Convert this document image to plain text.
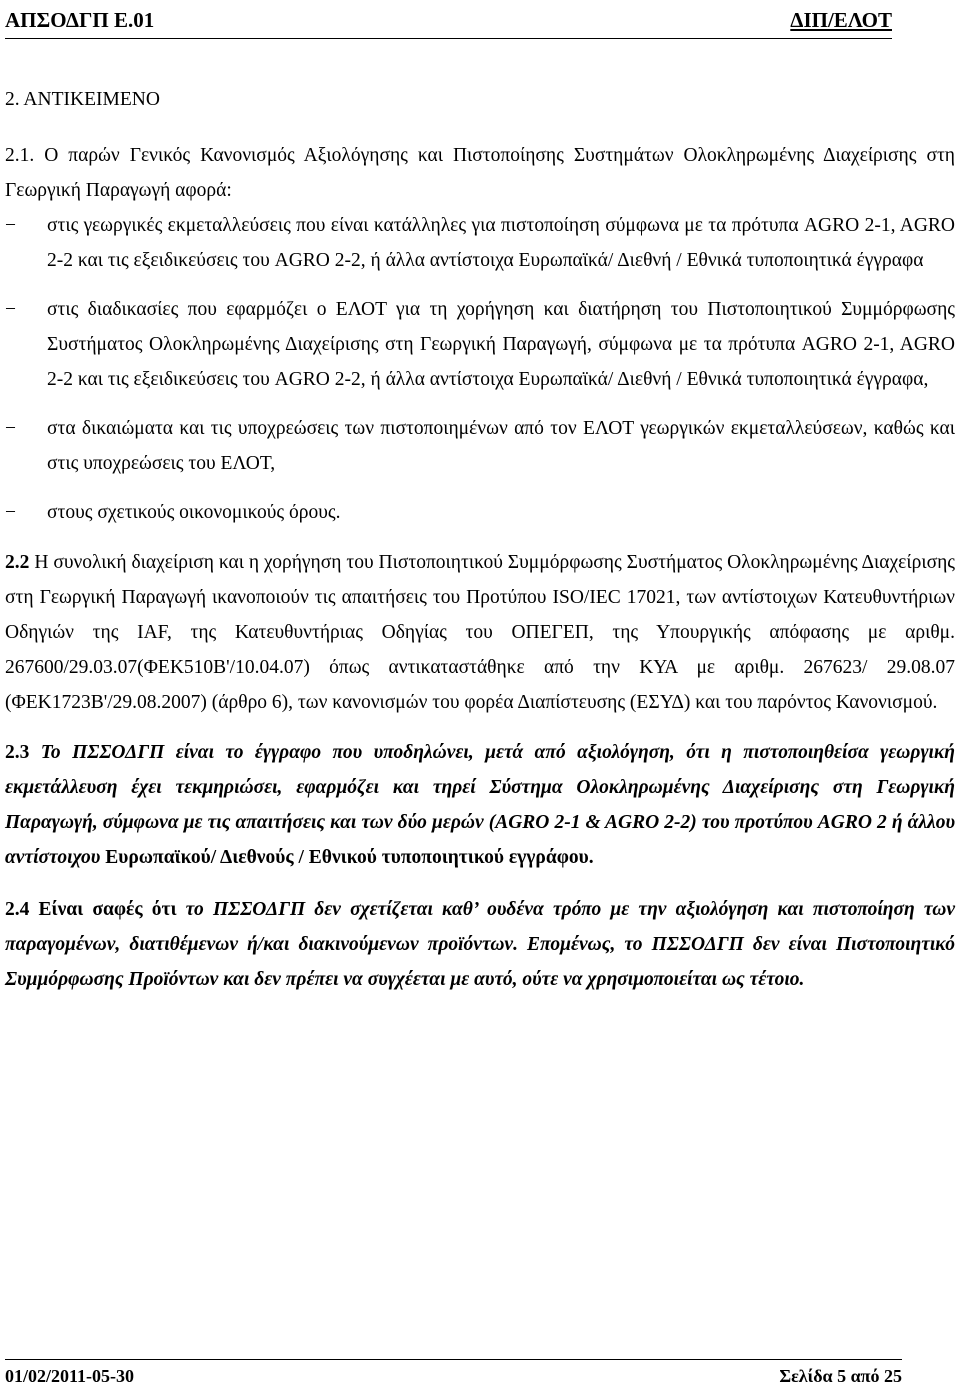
ΑΠΣΟΔΓΠ Ε.01	ΔΙΠ/ΕΛΟΤ

2. ΑΝΤΙΚΕΙΜΕΝΟ

2.1. Ο παρών Γενικός Κανονισμός Αξιολόγησης και Πιστοποίησης Συστημάτων Ολοκληρωμένης Διαχείρισης στη Γεωργική Παραγωγή αφορά:

− στις γεωργικές εκμεταλλεύσεις που είναι κατάλληλες για πιστοποίηση σύμφωνα με τα πρότυπα AGRO 2-1, AGRO 2-2 και τις εξειδικεύσεις του AGRO 2-2, ή άλλα αντίστοιχα Ευρωπαϊκά/ Διεθνή / Εθνικά τυποποιητικά έγγραφα

− στις διαδικασίες που εφαρμόζει ο ΕΛΟΤ για τη χορήγηση και διατήρηση του Πιστοποιητικού Συμμόρφωσης Συστήματος Ολοκληρωμένης Διαχείρισης στη Γεωργική Παραγωγή, σύμφωνα με τα πρότυπα AGRO 2-1, AGRO 2-2 και τις εξειδικεύσεις του AGRO 2-2, ή άλλα αντίστοιχα Ευρωπαϊκά/ Διεθνή / Εθνικά τυποποιητικά έγγραφα,

− στα δικαιώματα και τις υποχρεώσεις των πιστοποιημένων από τον ΕΛΟΤ γεωργικών εκμεταλλεύσεων, καθώς και στις υποχρεώσεις του ΕΛΟΤ,

− στους σχετικούς οικονομικούς όρους.

2.2 Η συνολική διαχείριση και η χορήγηση του Πιστοποιητικού Συμμόρφωσης Συστήματος Ολοκληρωμένης Διαχείρισης στη Γεωργική Παραγωγή ικανοποιούν τις απαιτήσεις του Προτύπου ISO/IEC 17021, των αντίστοιχων Κατευθυντήριων Οδηγιών της IAF, της Κατευθυντήριας Οδηγίας του ΟΠΕΓΕΠ, της Υπουργικής απόφασης με αριθμ. 267600/29.03.07(ΦΕΚ510Β'/10.04.07) όπως αντικαταστάθηκε από την ΚΥΑ με αριθμ. 267623/ 29.08.07 (ΦΕΚ1723Β'/29.08.2007) (άρθρο 6), των κανονισμών του φορέα Διαπίστευσης (ΕΣΥΔ) και του παρόντος Κανονισμού.

2.3 Το ΠΣΣΟΔΓΠ είναι το έγγραφο που υποδηλώνει, μετά από αξιολόγηση, ότι η πιστοποιηθείσα γεωργική εκμετάλλευση έχει τεκμηριώσει, εφαρμόζει και τηρεί Σύστημα Ολοκληρωμένης Διαχείρισης στη Γεωργική Παραγωγή, σύμφωνα με τις απαιτήσεις και των δύο μερών (AGRO 2-1 & AGRO 2-2) του προτύπου AGRO 2 ή άλλου αντίστοιχου Ευρωπαϊκού/ Διεθνούς / Εθνικού τυποποιητικού εγγράφου.

2.4 Είναι σαφές ότι το ΠΣΣΟΔΓΠ δεν σχετίζεται καθ’ ουδένα τρόπο με την αξιολόγηση και πιστοποίηση των παραγομένων, διατιθέμενων ή/και διακινούμενων προϊόντων. Επομένως, το ΠΣΣΟΔΓΠ δεν είναι Πιστοποιητικό Συμμόρφωσης Προϊόντων και δεν πρέπει να συγχέεται με αυτό, ούτε να χρησιμοποιείται ως τέτοιο.

01/02/2011-05-30	Σελίδα 5 από 25
